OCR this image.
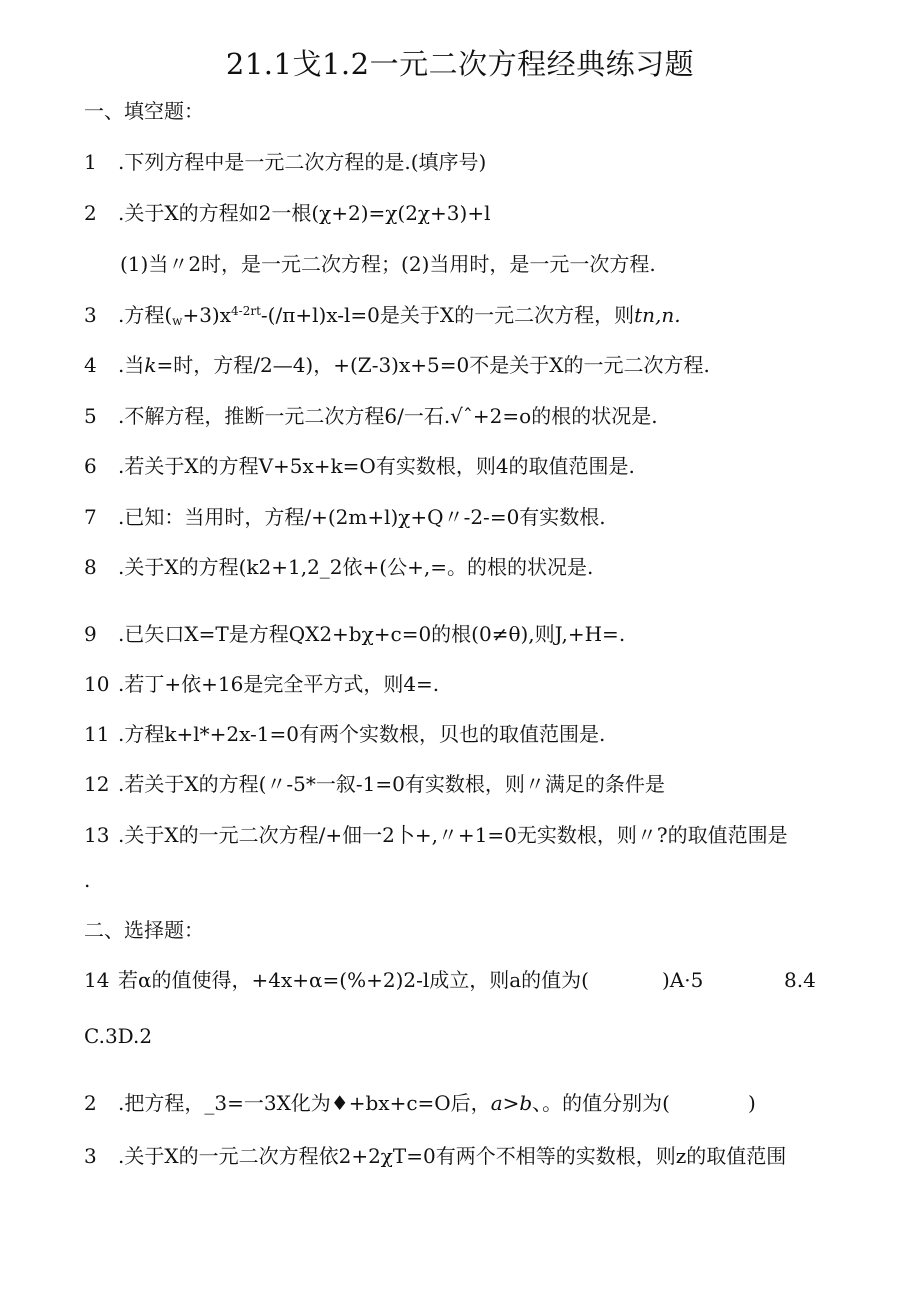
21.1戈1.2一元二次方程经典练习题
一、填空题：
1 .下列方程中是一元二次方程的是.(填序号)
2 .关于X的方程如2一根(χ+2)=χ(2χ+3)+l
(1)当〃2时，是一元二次方程；(2)当用时，是一元一次方程.
3 .方程$(_w+3)x^{4-2rt}-(/\pi+l)x-l=0$是关于X的一元二次方程，则tn,n.
4 .当k=时，方程/2—4)，+(Z-3)x+5=0不是关于X的一元二次方程.
5 .不解方程，推断一元二次方程6/一石.√ˆ+2=o的根的状况是.
6 .若关于X的方程V+5x+k=O有实数根，则4的取值范围是.
7 .已知：当用时，方程/+(2m+l)χ+Q〃-2-=0有实数根.
8 .关于X的方程(k2+1,2_2依+(公+,=。的根的状况是.
9 .已矢口X=T是方程QX2+bχ+c=0的根(0≠θ),则J,+H=.
10 .若丁+依+16是完全平方式，则4=.
11 .方程k+l*+2x-1=0有两个实数根，贝也的取值范围是.
12 .若关于X的方程(〃-5*一叙-1=0有实数根，则〃满足的条件是
13 .关于X的一元二次方程/+佃一2卜+,〃+1=0无实数根，则〃?的取值范围是
.
二、选择题：
14 若α的值使得，+4x+α=(%+2)2-l成立，则a的值为(	)A·5	8.4
C.3D.2
2 .把方程，_3=一3X化为♦+bx+c=O后，a>b、。的值分别为(	)
3 .关于X的一元二次方程依2+2χT=0有两个不相等的实数根，则z的取值范围
